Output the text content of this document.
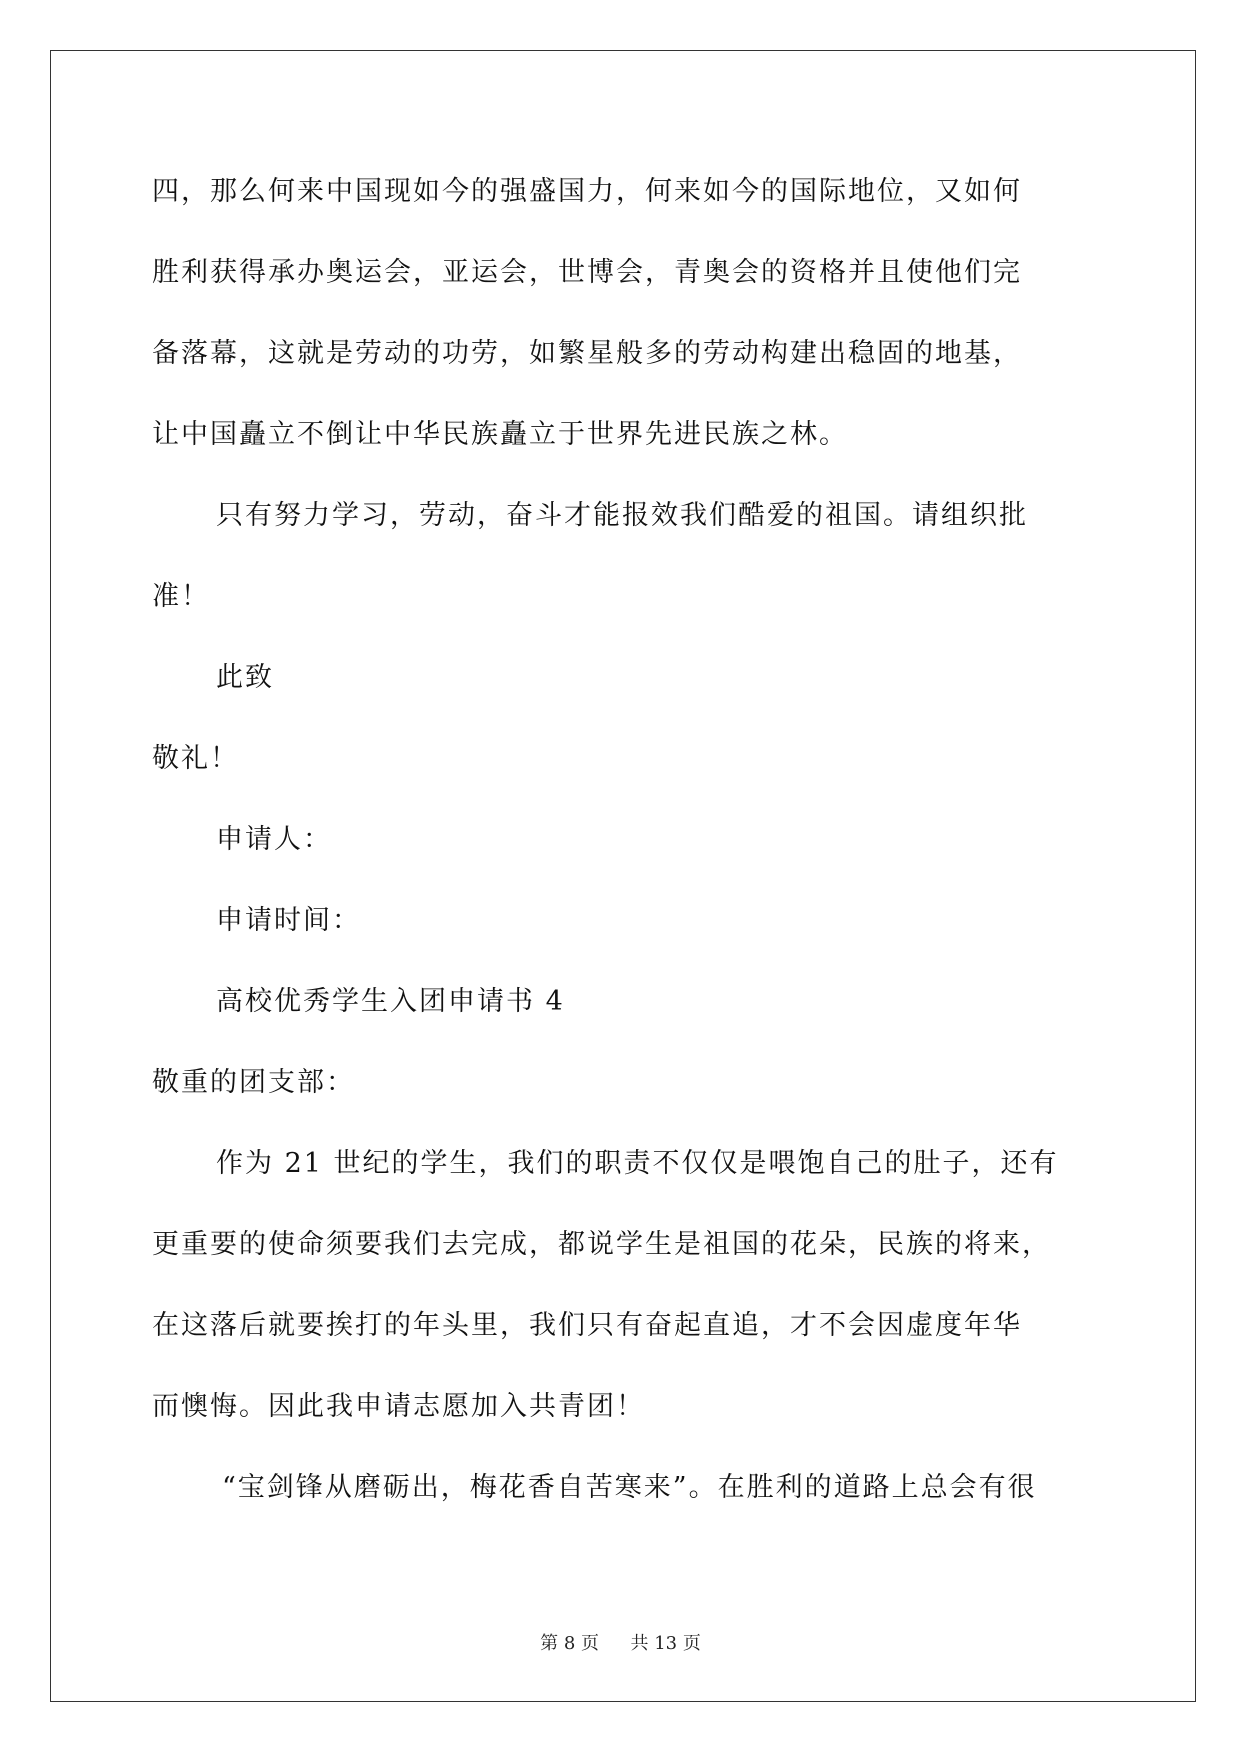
四，那么何来中国现如今的强盛国力，何来如今的国际地位，又如何
胜利获得承办奥运会，亚运会，世博会，青奥会的资格并且使他们完
备落幕，这就是劳动的功劳，如繁星般多的劳动构建出稳固的地基，
让中国矗立不倒让中华民族矗立于世界先进民族之林。
只有努力学习，劳动，奋斗才能报效我们酷爱的祖国。请组织批
准！
此致
敬礼！
申请人：
申请时间：
高校优秀学生入团申请书 4
敬重的团支部：
作为 21 世纪的学生，我们的职责不仅仅是喂饱自己的肚子，还有
更重要的使命须要我们去完成，都说学生是祖国的花朵，民族的将来，
在这落后就要挨打的年头里，我们只有奋起直追，才不会因虚度年华
而懊悔。因此我申请志愿加入共青团！
“宝剑锋从磨砺出，梅花香自苦寒来”。在胜利的道路上总会有很
第 8 页 共 13 页
